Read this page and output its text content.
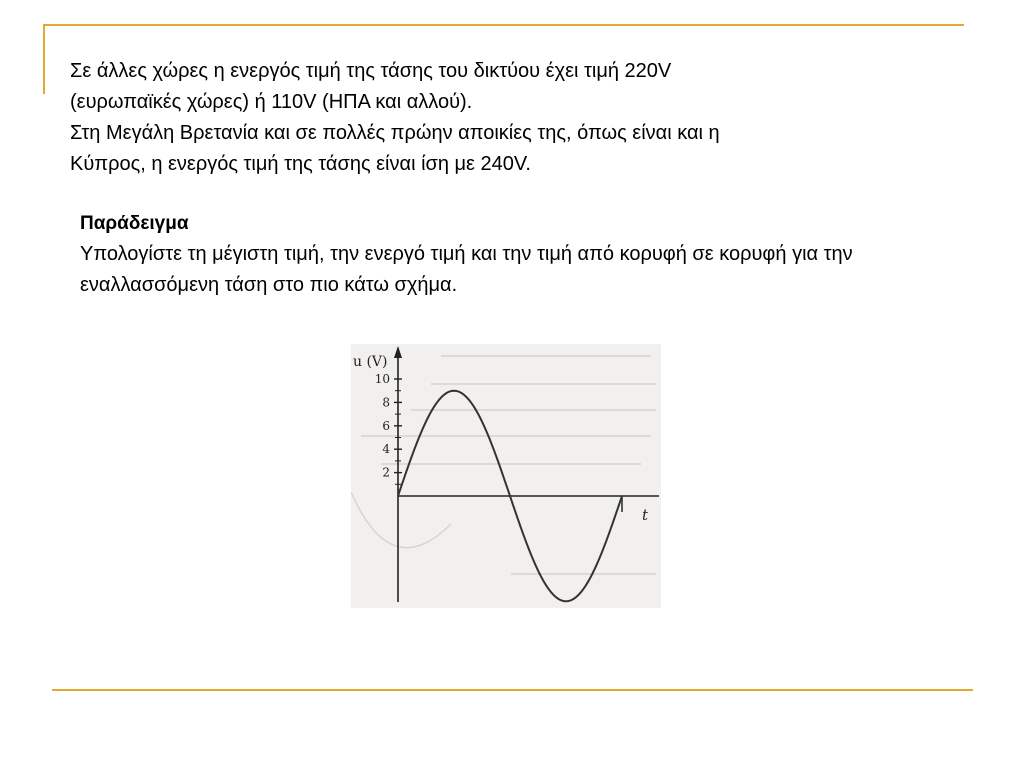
Σε άλλες χώρες η ενεργός τιμή της τάσης του δικτύου έχει τιμή 220V
(ευρωπαϊκές χώρες) ή 110V (ΗΠΑ και αλλού).
Στη Μεγάλη Βρετανία και σε πολλές πρώην αποικίες της, όπως είναι και η
Κύπρος, η ενεργός τιμή της τάσης είναι ίση με 240V.
Παράδειγμα
Υπολογίστε τη μέγιστη τιμή, την ενεργό τιμή και την τιμή από κορυφή σε κορυφή για την εναλλασσόμενη τάση στο πιο κάτω σχήμα.
u (V)
t
10
8
6
4
2
